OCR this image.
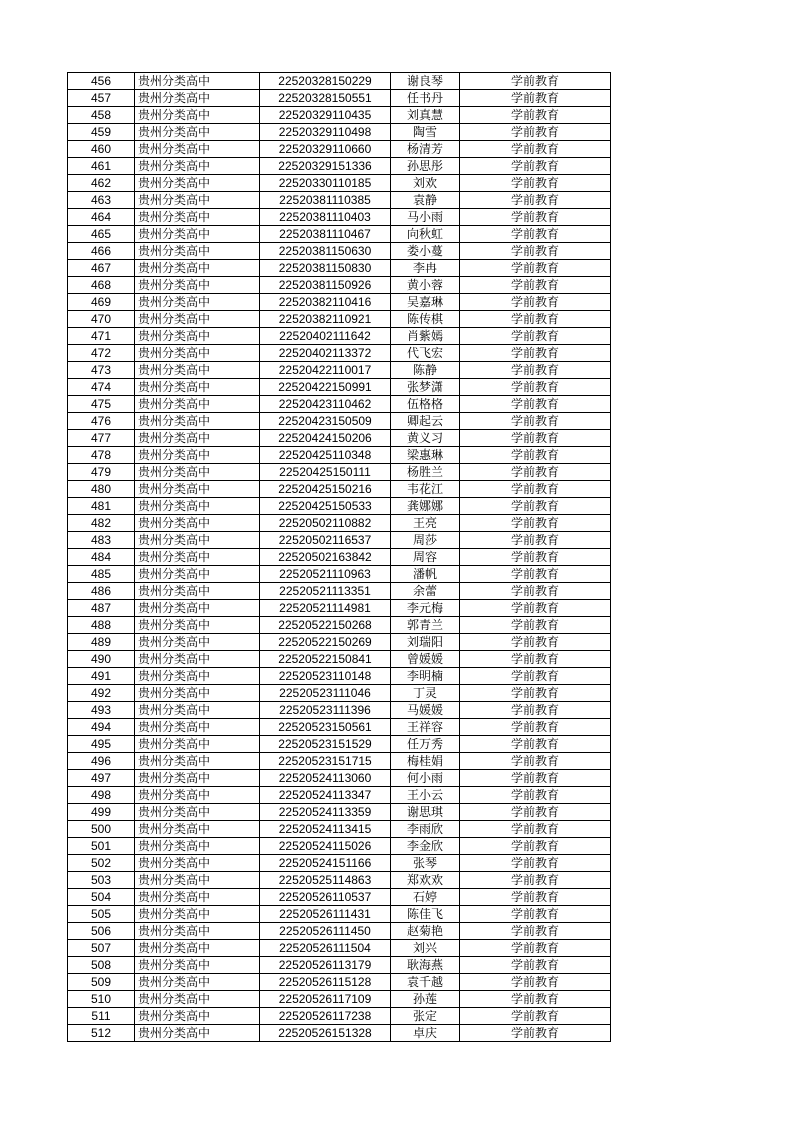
456	贵州分类高中	22520328150229	谢良琴	学前教育
457	贵州分类高中	22520328150551	任书丹	学前教育
458	贵州分类高中	22520329110435	刘真慧	学前教育
459	贵州分类高中	22520329110498	陶雪	学前教育
460	贵州分类高中	22520329110660	杨清芳	学前教育
461	贵州分类高中	22520329151336	孙思彤	学前教育
462	贵州分类高中	22520330110185	刘欢	学前教育
463	贵州分类高中	22520381110385	袁静	学前教育
464	贵州分类高中	22520381110403	马小雨	学前教育
465	贵州分类高中	22520381110467	向秋虹	学前教育
466	贵州分类高中	22520381150630	娄小蔓	学前教育
467	贵州分类高中	22520381150830	李冉	学前教育
468	贵州分类高中	22520381150926	黄小蓉	学前教育
469	贵州分类高中	22520382110416	吴嘉琳	学前教育
470	贵州分类高中	22520382110921	陈传棋	学前教育
471	贵州分类高中	22520402111642	肖紫嫣	学前教育
472	贵州分类高中	22520402113372	代飞宏	学前教育
473	贵州分类高中	22520422110017	陈静	学前教育
474	贵州分类高中	22520422150991	张梦潇	学前教育
475	贵州分类高中	22520423110462	伍格格	学前教育
476	贵州分类高中	22520423150509	卿起云	学前教育
477	贵州分类高中	22520424150206	黄义习	学前教育
478	贵州分类高中	22520425110348	梁惠琳	学前教育
479	贵州分类高中	22520425150111	杨胜兰	学前教育
480	贵州分类高中	22520425150216	韦花江	学前教育
481	贵州分类高中	22520425150533	龚娜娜	学前教育
482	贵州分类高中	22520502110882	王亮	学前教育
483	贵州分类高中	22520502116537	周莎	学前教育
484	贵州分类高中	22520502163842	周容	学前教育
485	贵州分类高中	22520521110963	潘帆	学前教育
486	贵州分类高中	22520521113351	余蕾	学前教育
487	贵州分类高中	22520521114981	李元梅	学前教育
488	贵州分类高中	22520522150268	郭青兰	学前教育
489	贵州分类高中	22520522150269	刘瑞阳	学前教育
490	贵州分类高中	22520522150841	曾媛媛	学前教育
491	贵州分类高中	22520523110148	李明楠	学前教育
492	贵州分类高中	22520523111046	丁灵	学前教育
493	贵州分类高中	22520523111396	马媛媛	学前教育
494	贵州分类高中	22520523150561	王祥容	学前教育
495	贵州分类高中	22520523151529	任万秀	学前教育
496	贵州分类高中	22520523151715	梅桂娟	学前教育
497	贵州分类高中	22520524113060	何小雨	学前教育
498	贵州分类高中	22520524113347	王小云	学前教育
499	贵州分类高中	22520524113359	谢思琪	学前教育
500	贵州分类高中	22520524113415	李雨欣	学前教育
501	贵州分类高中	22520524115026	李金欣	学前教育
502	贵州分类高中	22520524151166	张琴	学前教育
503	贵州分类高中	22520525114863	郑欢欢	学前教育
504	贵州分类高中	22520526110537	石婷	学前教育
505	贵州分类高中	22520526111431	陈佳飞	学前教育
506	贵州分类高中	22520526111450	赵菊艳	学前教育
507	贵州分类高中	22520526111504	刘兴	学前教育
508	贵州分类高中	22520526113179	耿海燕	学前教育
509	贵州分类高中	22520526115128	袁千越	学前教育
510	贵州分类高中	22520526117109	孙莲	学前教育
511	贵州分类高中	22520526117238	张定	学前教育
512	贵州分类高中	22520526151328	卓庆	学前教育
